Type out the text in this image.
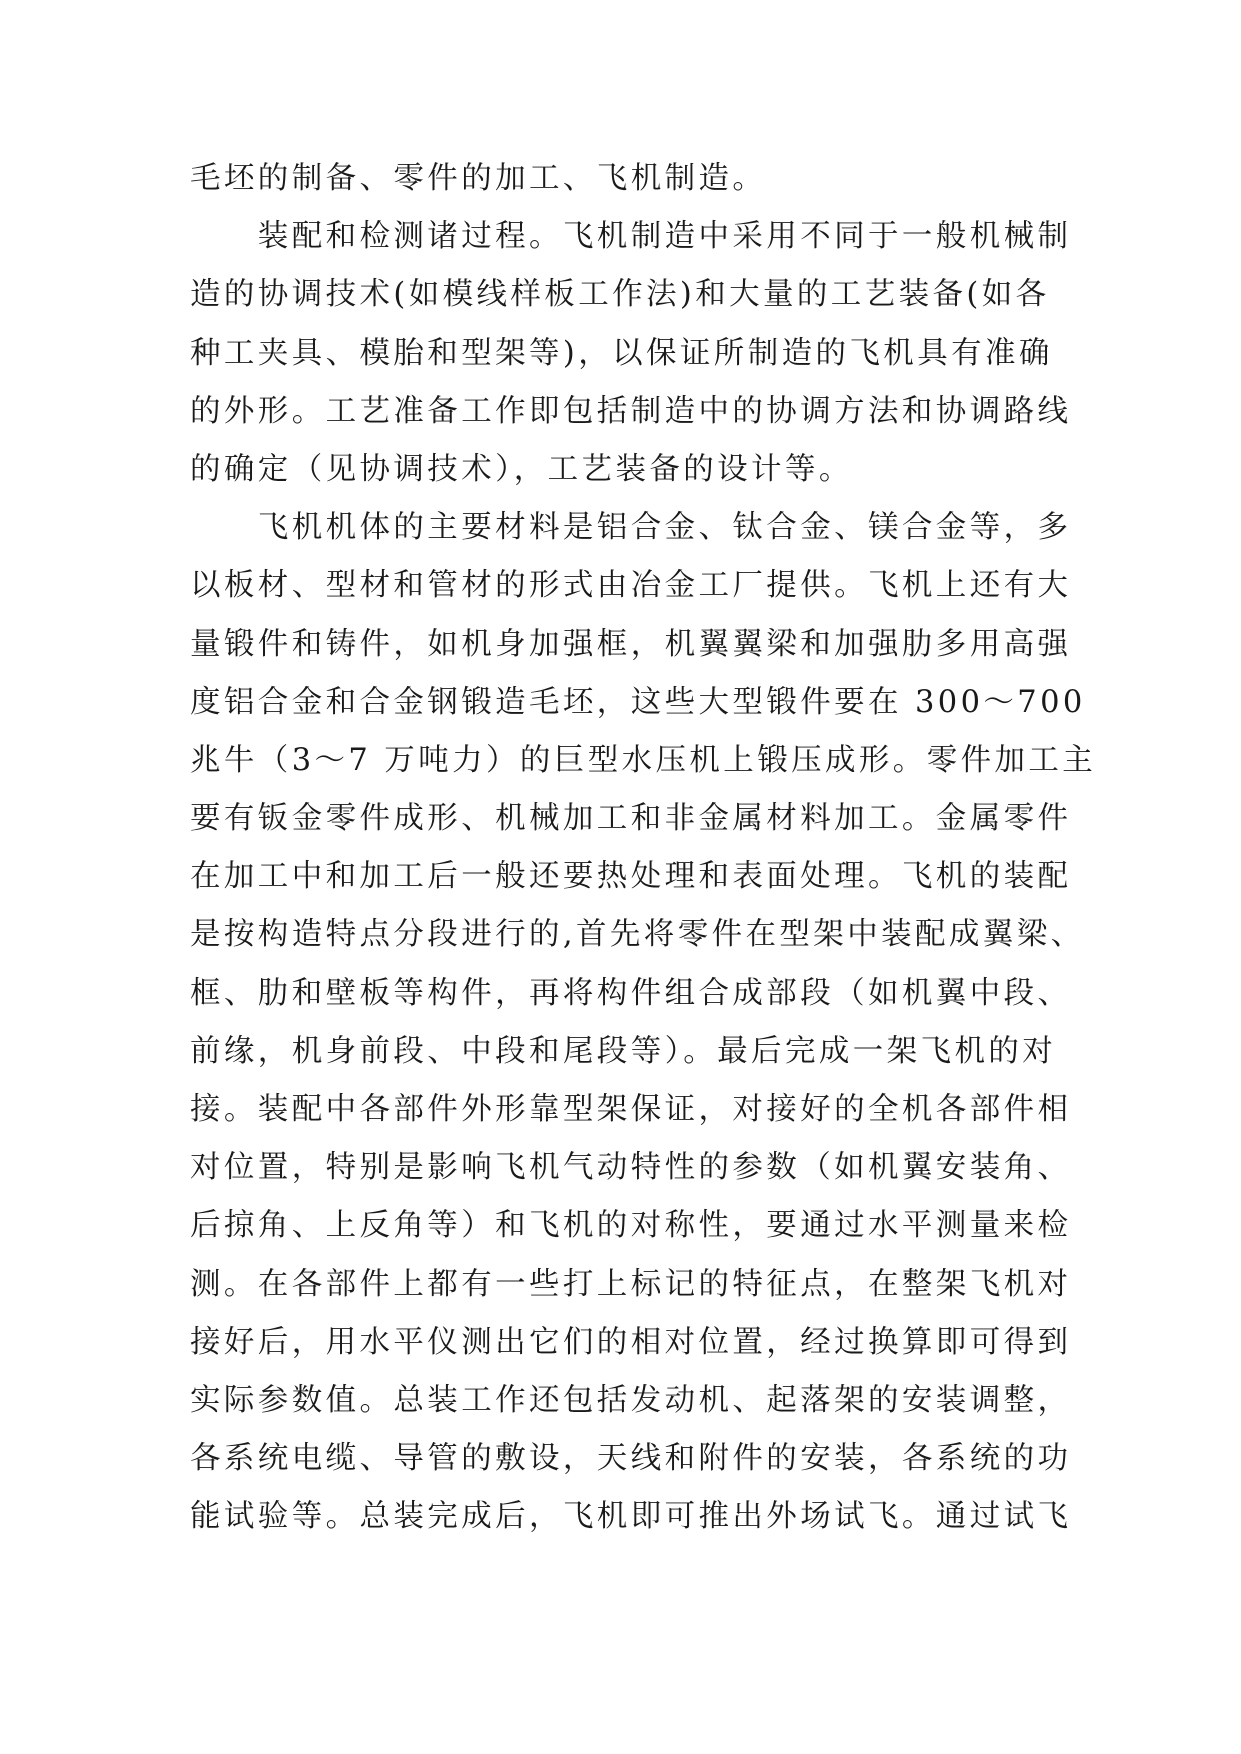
毛坯的制备、零件的加工、飞机制造。
　　装配和检测诸过程。飞机制造中采用不同于一般机械制
造的协调技术(如模线样板工作法)和大量的工艺装备(如各
种工夹具、模胎和型架等)，以保证所制造的飞机具有准确
的外形。工艺准备工作即包括制造中的协调方法和协调路线
的确定（见协调技术），工艺装备的设计等。
　　飞机机体的主要材料是铝合金、钛合金、镁合金等，多
以板材、型材和管材的形式由冶金工厂提供。飞机上还有大
量锻件和铸件，如机身加强框，机翼翼梁和加强肋多用高强
度铝合金和合金钢锻造毛坯，这些大型锻件要在 300～700
兆牛（3～7 万吨力）的巨型水压机上锻压成形。零件加工主
要有钣金零件成形、机械加工和非金属材料加工。金属零件
在加工中和加工后一般还要热处理和表面处理。飞机的装配
是按构造特点分段进行的,首先将零件在型架中装配成翼梁、
框、肋和壁板等构件，再将构件组合成部段（如机翼中段、
前缘，机身前段、中段和尾段等）。最后完成一架飞机的对
接。装配中各部件外形靠型架保证，对接好的全机各部件相
对位置，特别是影响飞机气动特性的参数（如机翼安装角、
后掠角、上反角等）和飞机的对称性，要通过水平测量来检
测。在各部件上都有一些打上标记的特征点，在整架飞机对
接好后，用水平仪测出它们的相对位置，经过换算即可得到
实际参数值。总装工作还包括发动机、起落架的安装调整，
各系统电缆、导管的敷设，天线和附件的安装，各系统的功
能试验等。总装完成后，飞机即可推出外场试飞。通过试飞
